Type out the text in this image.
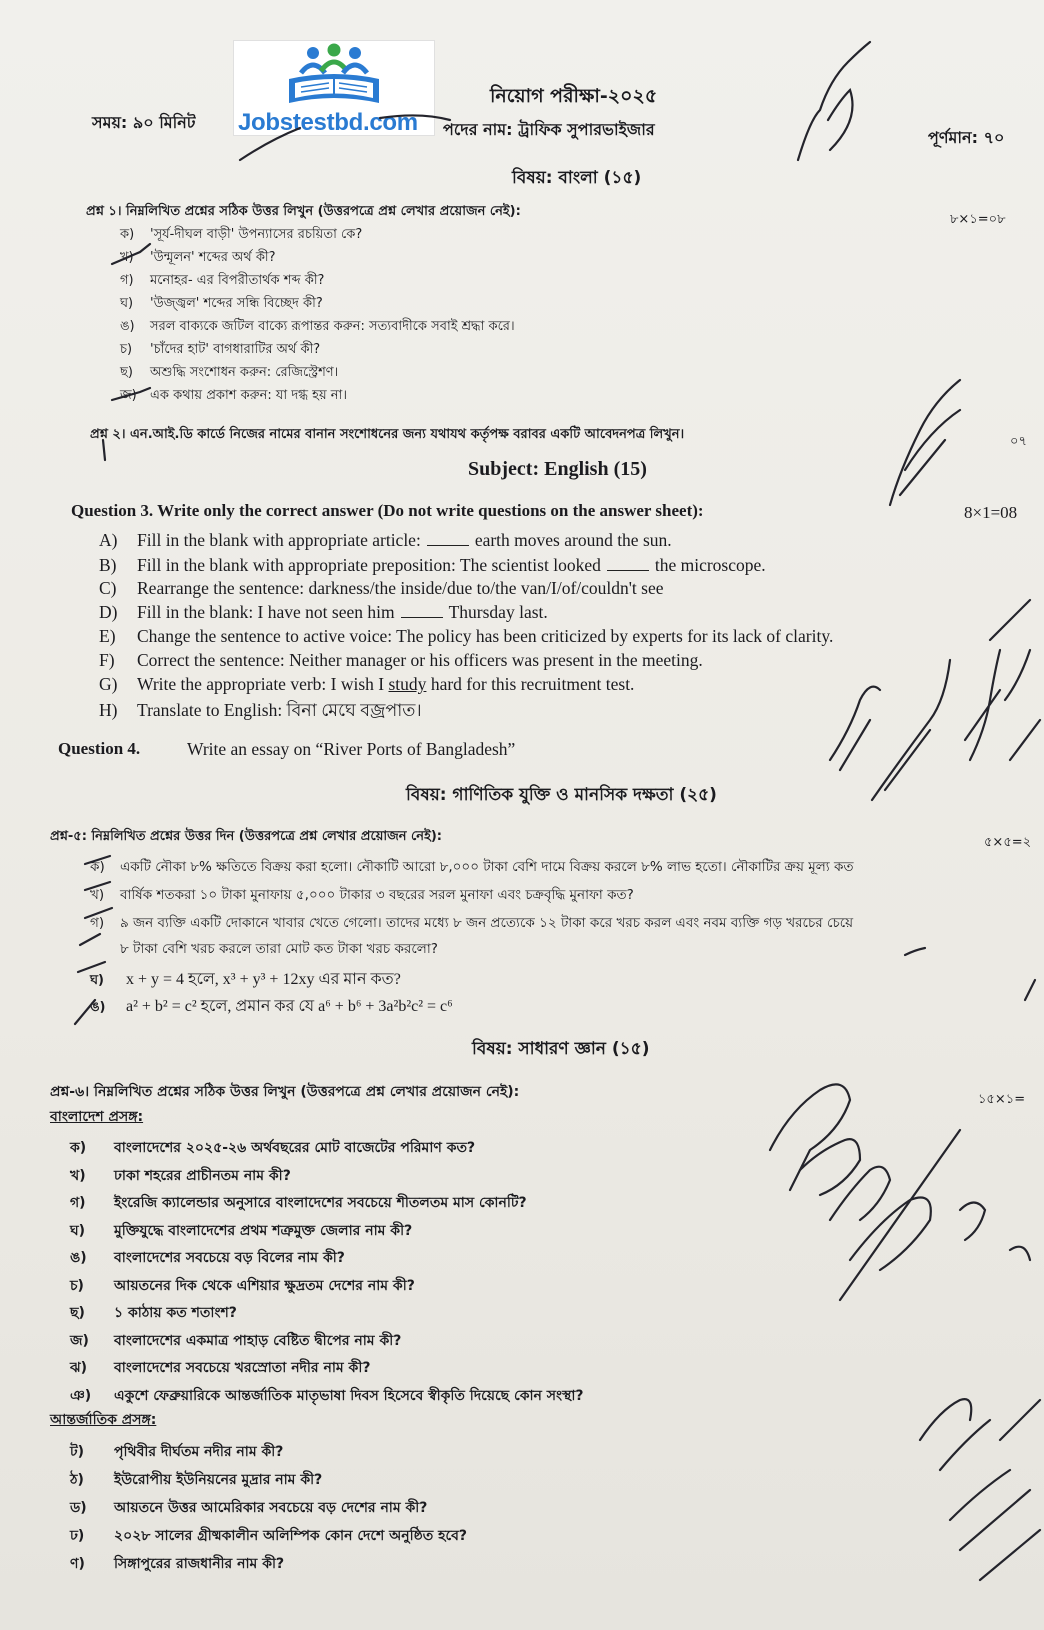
Jobstestbd.com
নিয়োগ পরীক্ষা-২০২৫
সময়: ৯০ মিনিট	পদের নাম: ট্রাফিক সুপারভাইজার	পূর্ণমান: ৭০
বিষয়: বাংলা (১৫)
প্রশ্ন ১। নিম্নলিখিত প্রশ্নের সঠিক উত্তর লিখুন (উত্তরপত্রে প্রশ্ন লেখার প্রয়োজন নেই):
৮×১=০৮
ক) 'সূর্য-দীঘল বাড়ী' উপন্যাসের রচয়িতা কে?
খ) 'উন্মূলন' শব্দের অর্থ কী?
গ) মনোহর- এর বিপরীতার্থক শব্দ কী?
ঘ) 'উজ্জ্বল' শব্দের সন্ধি বিচ্ছেদ কী?
ঙ) সরল বাক্যকে জটিল বাক্যে রূপান্তর করুন: সত্যবাদীকে সবাই শ্রদ্ধা করে।
চ) 'চাঁদের হাট' বাগধারাটির অর্থ কী?
ছ) অশুদ্ধি সংশোধন করুন: রেজিস্ট্রেশণ।
জ) এক কথায় প্রকাশ করুন: যা দগ্ধ হয় না।
প্রশ্ন ২। এন.আই.ডি কার্ডে নিজের নামের বানান সংশোধনের জন্য যথাযথ কর্তৃপক্ষ বরাবর একটি আবেদনপত্র লিখুন।	০৭
Subject: English (15)
Question 3. Write only the correct answer (Do not write questions on the answer sheet):	8×1=08
A) Fill in the blank with appropriate article:	earth moves around the sun.
B) Fill in the blank with appropriate preposition: The scientist looked	the microscope.
C) Rearrange the sentence: darkness/the inside/due to/the van/I/of/couldn't see
D) Fill in the blank: I have not seen him	Thursday last.
E) Change the sentence to active voice: The policy has been criticized by experts for its lack of clarity.
F) Correct the sentence: Neither manager or his officers was present in the meeting.
G) Write the appropriate verb: I wish I study hard for this recruitment test.
H) Translate to English: বিনা মেঘে বজ্রপাত।
Question 4.	Write an essay on “River Ports of Bangladesh”
বিষয়: গাণিতিক যুক্তি ও মানসিক দক্ষতা (২৫)
প্রশ্ন-৫: নিম্নলিখিত প্রশ্নের উত্তর দিন (উত্তরপত্রে প্রশ্ন লেখার প্রয়োজন নেই):	৫×৫=২
ক) একটি নৌকা ৮% ক্ষতিতে বিক্রয় করা হলো। নৌকাটি আরো ৮,০০০ টাকা বেশি দামে বিক্রয় করলে ৮% লাভ হতো। নৌকাটির ক্রয় মূল্য কত
খ) বার্ষিক শতকরা ১০ টাকা মুনাফায় ৫,০০০ টাকার ৩ বছরের সরল মুনাফা এবং চক্রবৃদ্ধি মুনাফা কত?
গ) ৯ জন ব্যক্তি একটি দোকানে খাবার খেতে গেলো। তাদের মধ্যে ৮ জন প্রত্যেকে ১২ টাকা করে খরচ করল এবং নবম ব্যক্তি গড় খরচের চেয়ে
৮ টাকা বেশি খরচ করলে তারা মোট কত টাকা খরচ করলো?
ঘ) x + y = 4 হলে, x³ + y³ + 12xy এর মান কত?
ঙ) a² + b² = c² হলে, প্রমান কর যে a⁶ + b⁶ + 3a²b²c² = c⁶
বিষয়: সাধারণ জ্ঞান (১৫)
প্রশ্ন-৬। নিম্নলিখিত প্রশ্নের সঠিক উত্তর লিখুন (উত্তরপত্রে প্রশ্ন লেখার প্রয়োজন নেই):	১৫×১=
বাংলাদেশ প্রসঙ্গ:
ক) বাংলাদেশের ২০২৫-২৬ অর্থবছরের মোট বাজেটের পরিমাণ কত?
খ) ঢাকা শহরের প্রাচীনতম নাম কী?
গ) ইংরেজি ক্যালেন্ডার অনুসারে বাংলাদেশের সবচেয়ে শীতলতম মাস কোনটি?
ঘ) মুক্তিযুদ্ধে বাংলাদেশের প্রথম শত্রুমুক্ত জেলার নাম কী?
ঙ) বাংলাদেশের সবচেয়ে বড় বিলের নাম কী?
চ) আয়তনের দিক থেকে এশিয়ার ক্ষুদ্রতম দেশের নাম কী?
ছ) ১ কাঠায় কত শতাংশ?
জ) বাংলাদেশের একমাত্র পাহাড় বেষ্টিত দ্বীপের নাম কী?
ঝ) বাংলাদেশের সবচেয়ে খরস্রোতা নদীর নাম কী?
ঞ) একুশে ফেব্রুয়ারিকে আন্তর্জাতিক মাতৃভাষা দিবস হিসেবে স্বীকৃতি দিয়েছে কোন সংস্থা?
আন্তর্জাতিক প্রসঙ্গ:
ট) পৃথিবীর দীর্ঘতম নদীর নাম কী?
ঠ) ইউরোপীয় ইউনিয়নের মুদ্রার নাম কী?
ড) আয়তনে উত্তর আমেরিকার সবচেয়ে বড় দেশের নাম কী?
ঢ) ২০২৮ সালের গ্রীষ্মকালীন অলিম্পিক কোন দেশে অনুষ্ঠিত হবে?
ণ) সিঙ্গাপুরের রাজধানীর নাম কী?
